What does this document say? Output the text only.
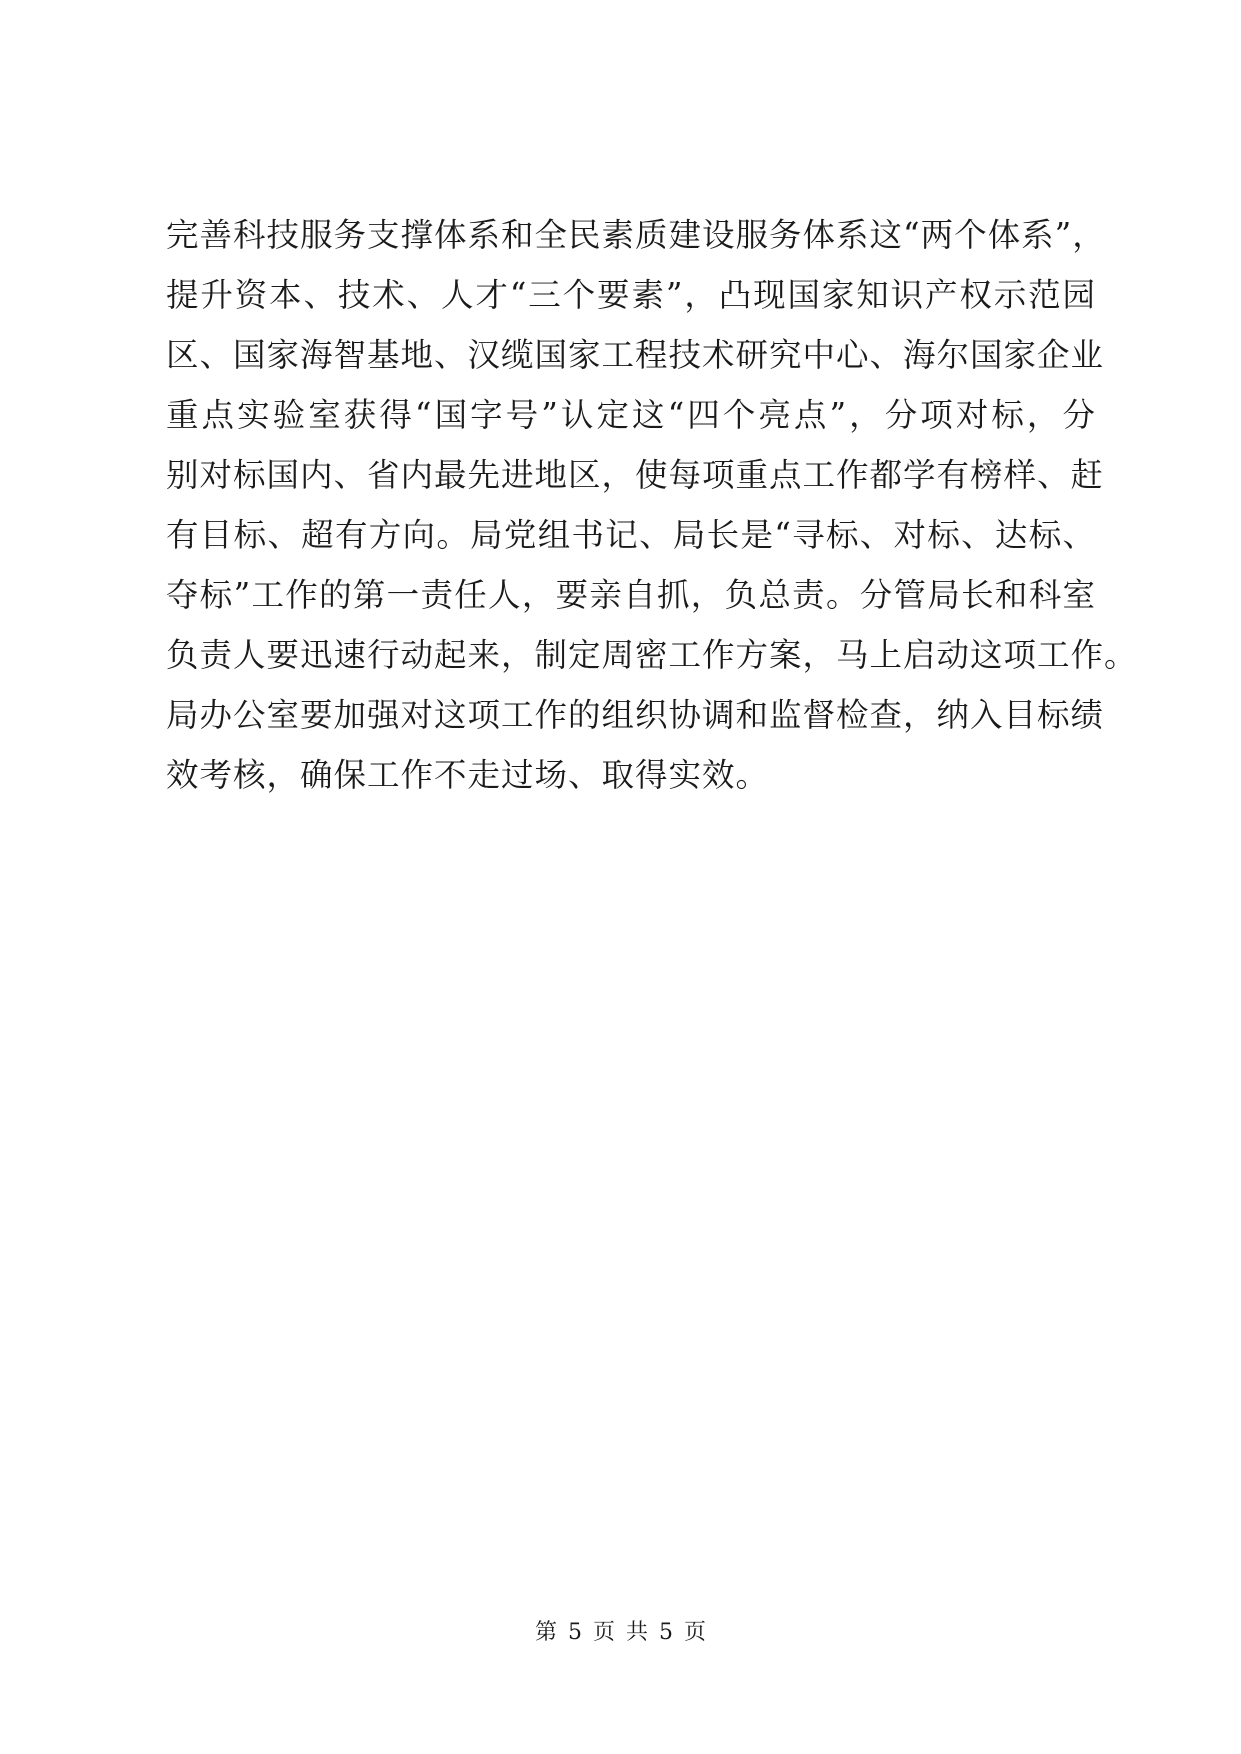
完善科技服务支撑体系和全民素质建设服务体系这“两个体系”，
提升资本、技术、人才“三个要素”，凸现国家知识产权示范园
区、国家海智基地、汉缆国家工程技术研究中心、海尔国家企业
重点实验室获得“国字号”认定这“四个亮点”，分项对标，分
别对标国内、省内最先进地区，使每项重点工作都学有榜样、赶
有目标、超有方向。局党组书记、局长是“寻标、对标、达标、
夺标”工作的第一责任人，要亲自抓，负总责。分管局长和科室
负责人要迅速行动起来，制定周密工作方案，马上启动这项工作。
局办公室要加强对这项工作的组织协调和监督检查，纳入目标绩
效考核，确保工作不走过场、取得实效。
第 5 页 共 5 页
